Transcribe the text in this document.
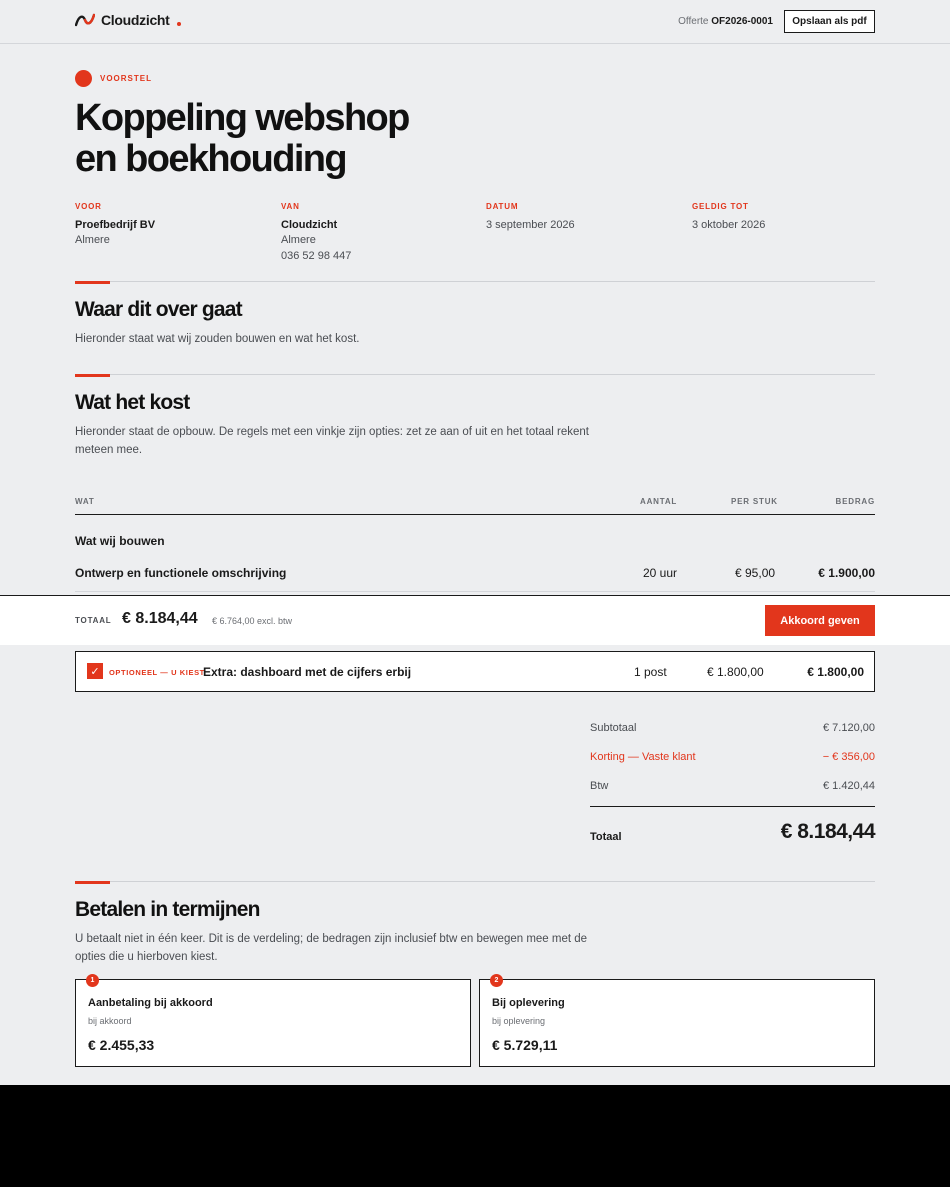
Cloudzicht	Offerte OF2026-0001	Opslaan als pdf
VOORSTEL
Koppeling webshop
en boekhouding
VOOR
Proefbedrijf BV
Almere
VAN
Cloudzicht
Almere
036 52 98 447
DATUM
3 september 2026
GELDIG TOT
3 oktober 2026
Waar dit over gaat

Hieronder staat wat wij zouden bouwen en wat het kost.

Wat het kost

Hieronder staat de opbouw. De regels met een vinkje zijn opties: zet ze aan of uit en het totaal rekent meteen mee.

WAT	AANTAL	PER STUK	BEDRAG
Wat wij bouwen
Ontwerp en functionele omschrijving	20 uur	€ 95,00	€ 1.900,00
TOTAAL € 8.184,44 € 6.764,00 excl. btw	Akkoord geven
✓ OPTIONEEL — U KIEST
Extra: dashboard met de cijfers erbij	1 post	€ 1.800,00	€ 1.800,00
Subtotaal	€ 7.120,00
Korting — Vaste klant	− € 356,00
Btw	€ 1.420,44
Totaal	€ 8.184,44
Betalen in termijnen

U betaalt niet in één keer. Dit is de verdeling; de bedragen zijn inclusief btw en bewegen mee met de opties die u hierboven kiest.

1
Aanbetaling bij akkoord
bij akkoord
€ 2.455,33
2
Bij oplevering
bij oplevering
€ 5.729,11
